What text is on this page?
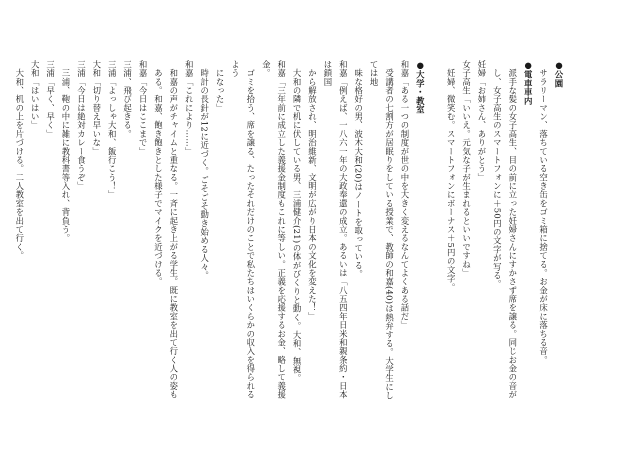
●公園

　サラリーマン、落ちている空き缶をゴミ箱に捨てる。お金が床に落ちる音。

●電車車内

　派手な髪の女子高生、目の前に立った妊婦さんにすかさず席を譲る。同じお金の音が

　し、女子高生のスマートフォンに＋50円の文字が写る。

妊婦「お姉さん、ありがとう」

女子高生「いいえ。元気な子が生まれるといいですね」

　妊婦、微笑む。スマートフォンにボーナス＋5円の文字。

●大学・教室

和嘉「ある一つの制度が世の中を大きく変えるなんてよくある話だ」

　受講者の七割方が居眠りをしている授業で、教師の和嘉(40)は熱弁する。大学生にしては地

　味な格好の男、波木大和(20)はノートを取っている。

和嘉「例えば、一八六一年の大政奉還の成立。あるいは「八五四年日米和親条約・日本は鎖国

　から解放され、明治維新、文明が広がり日本の文化を変えた！」

　大和の隣で机に伏している男、三浦健介(21)の体がびくりと動く。大和、無視。

和嘉「三年前に成立した義援金制度もこれに等しい。正義を応援するお金、略して義援金。

　ゴミを拾う、席を譲る、たったそれだけのことで私たちはいくらかの収入を得られるよう

　になった」

　時計の長針が12に近づく。ごそごそ動き始める人々。

和嘉「これにより……」

　和嘉の声がチャイムと重なる。一斉に起き上がる学生。既に教室を出て行く人の姿も

　ある。和嘉、飽き飽きとした様子でマイクを近づける。

和嘉「今日はここまで」

三浦、飛び起きる。

三浦「よっしゃ大和、飯行こう！」

大和「切り替え早いな」

三浦「今日は絶対カレー食うぞ」

　三浦、鞄の中に雑に教科書等入れ、背負う。

三浦「早く、早く」

大和「はいはい」

　大和、机の上を片づける。二人教室を出て行く。
